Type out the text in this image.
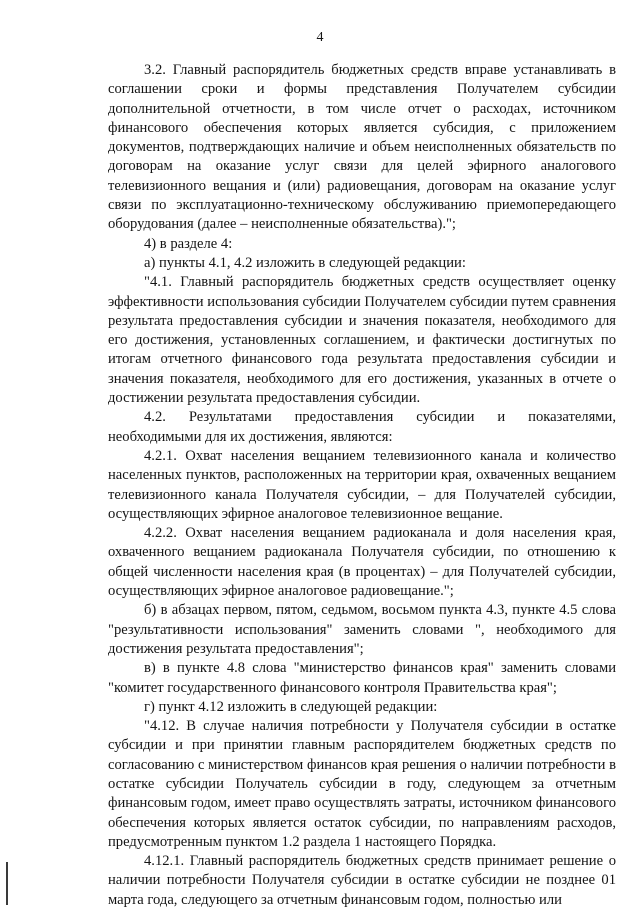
4

3.2. Главный распорядитель бюджетных средств вправе устанавливать в соглашении сроки и формы представления Получателем субсидии дополнительной отчетности, в том числе отчет о расходах, источником финансового обеспечения которых является субсидия, с приложением документов, подтверждающих наличие и объем неисполненных обязательств по договорам на оказание услуг связи для целей эфирного аналогового телевизионного вещания и (или) радиовещания, договорам на оказание услуг связи по эксплуатационно-техническому обслуживанию приемопередающего оборудования (далее – неисполненные обязательства).";

4) в разделе 4:

а) пункты 4.1, 4.2 изложить в следующей редакции:

"4.1. Главный распорядитель бюджетных средств осуществляет оценку эффективности использования субсидии Получателем субсидии путем сравнения результата предоставления субсидии и значения показателя, необходимого для его достижения, установленных соглашением, и фактически достигнутых по итогам отчетного финансового года результата предоставления субсидии и значения показателя, необходимого для его достижения, указанных в отчете о достижении результата предоставления субсидии.

4.2. Результатами предоставления субсидии и показателями, необходимыми для их достижения, являются:

4.2.1. Охват населения вещанием телевизионного канала и количество населенных пунктов, расположенных на территории края, охваченных вещанием телевизионного канала Получателя субсидии, – для Получателей субсидии, осуществляющих эфирное аналоговое телевизионное вещание.

4.2.2. Охват населения вещанием радиоканала и доля населения края, охваченного вещанием радиоканала Получателя субсидии, по отношению к общей численности населения края (в процентах) – для Получателей субсидии, осуществляющих эфирное аналоговое радиовещание.";

б) в абзацах первом, пятом, седьмом, восьмом пункта 4.3, пункте 4.5 слова "результативности использования" заменить словами ", необходимого для достижения результата предоставления";

в) в пункте 4.8 слова "министерство финансов края" заменить словами "комитет государственного финансового контроля Правительства края";

г) пункт 4.12 изложить в следующей редакции:

"4.12. В случае наличия потребности у Получателя субсидии в остатке субсидии и при принятии главным распорядителем бюджетных средств по согласованию с министерством финансов края решения о наличии потребности в остатке субсидии Получатель субсидии в году, следующем за отчетным финансовым годом, имеет право осуществлять затраты, источником финансового обеспечения которых является остаток субсидии, по направлениям расходов, предусмотренным пунктом 1.2 раздела 1 настоящего Порядка.

4.12.1. Главный распорядитель бюджетных средств принимает решение о наличии потребности Получателя субсидии в остатке субсидии не позднее 01 марта года, следующего за отчетным финансовым годом, полностью или
